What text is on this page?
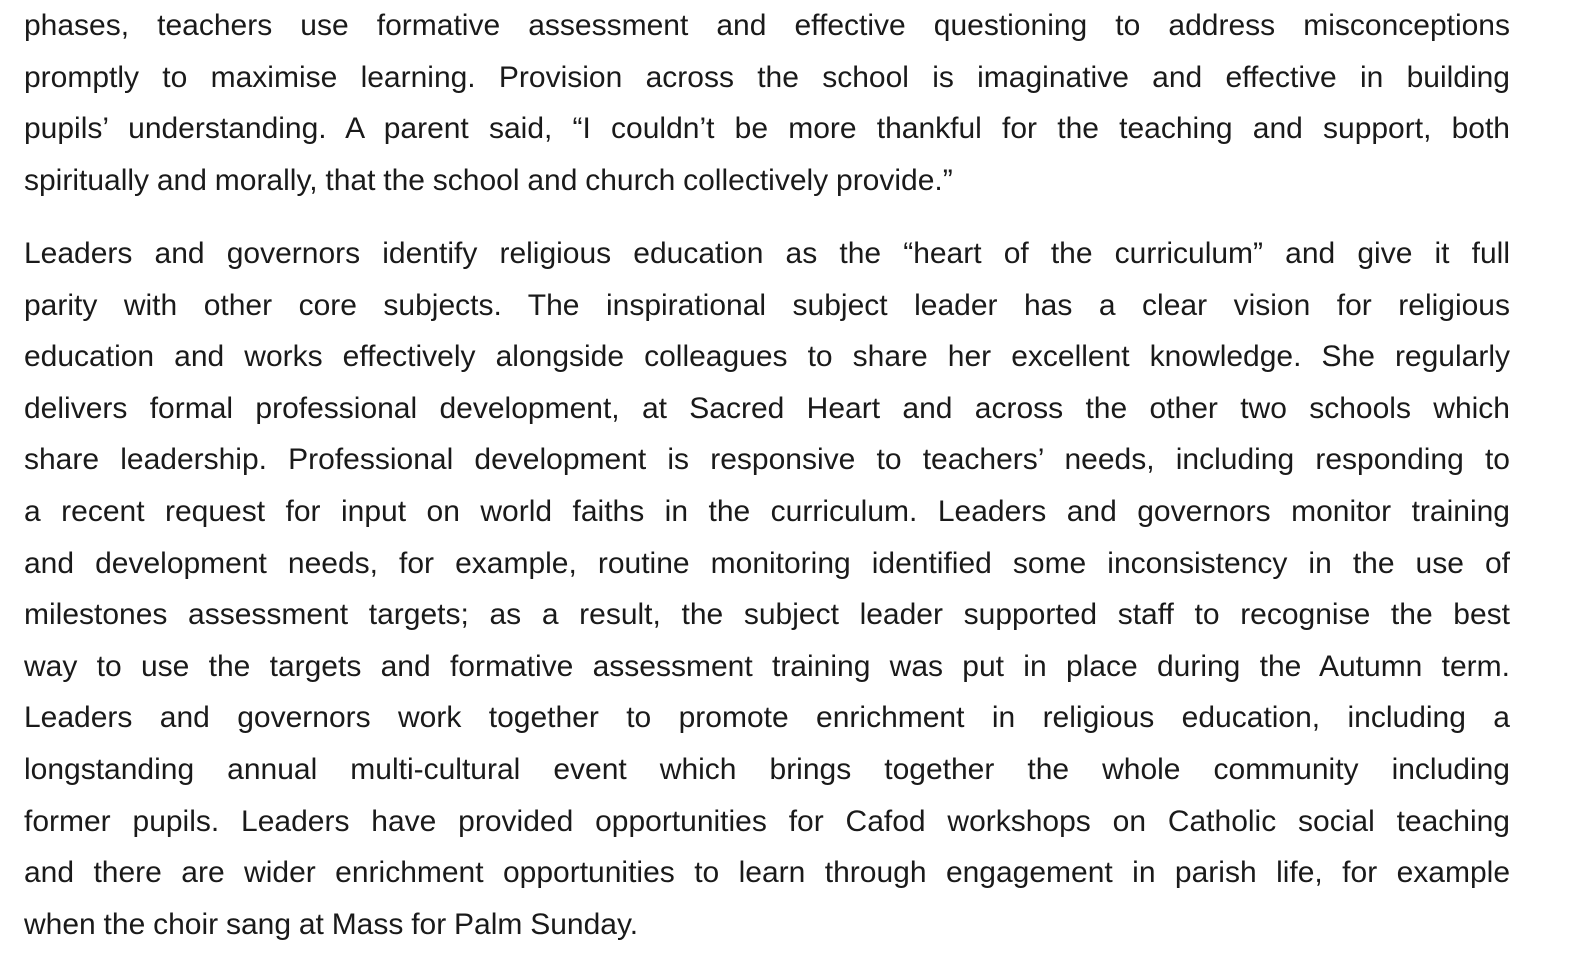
phases, teachers use formative assessment and effective questioning to address misconceptions
promptly to maximise learning. Provision across the school is imaginative and effective in building
pupils’ understanding. A parent said, “I couldn’t be more thankful for the teaching and support, both
spiritually and morally, that the school and church collectively provide.”
Leaders and governors identify religious education as the “heart of the curriculum” and give it full
parity with other core subjects. The inspirational subject leader has a clear vision for religious
education and works effectively alongside colleagues to share her excellent knowledge. She regularly
delivers formal professional development, at Sacred Heart and across the other two schools which
share leadership. Professional development is responsive to teachers’ needs, including responding to
a recent request for input on world faiths in the curriculum. Leaders and governors monitor training
and development needs, for example, routine monitoring identified some inconsistency in the use of
milestones assessment targets; as a result, the subject leader supported staff to recognise the best
way to use the targets and formative assessment training was put in place during the Autumn term.
Leaders and governors work together to promote enrichment in religious education, including a
longstanding annual multi-cultural event which brings together the whole community including
former pupils. Leaders have provided opportunities for Cafod workshops on Catholic social teaching
and there are wider enrichment opportunities to learn through engagement in parish life, for example
when the choir sang at Mass for Palm Sunday.
